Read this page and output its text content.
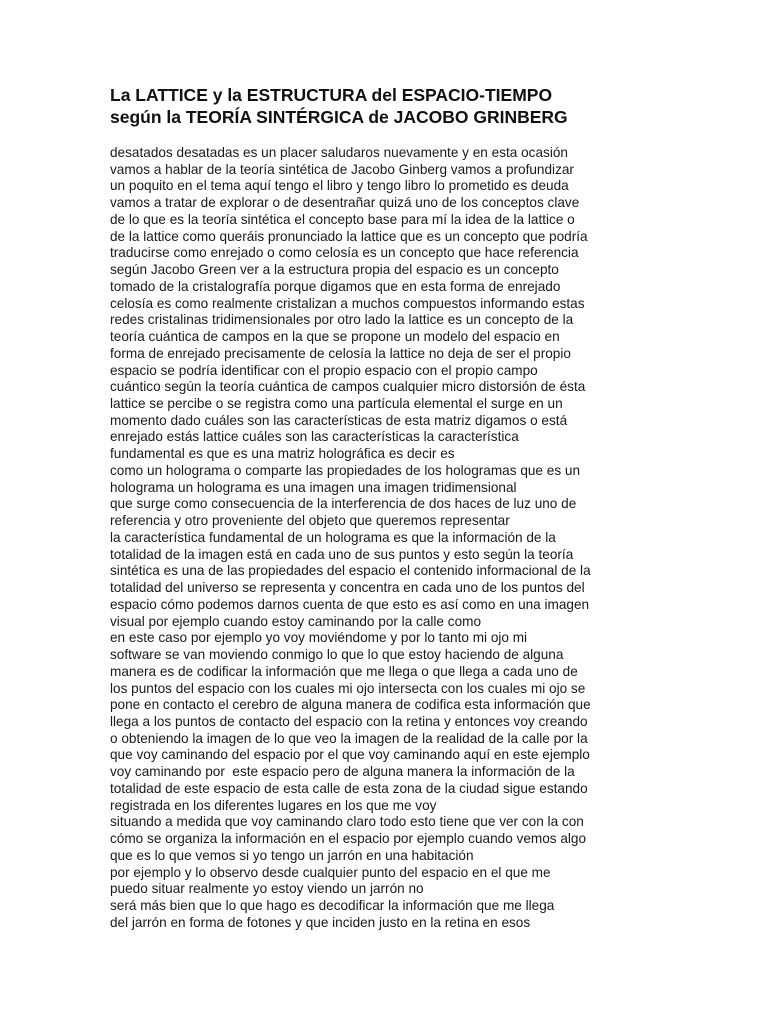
La LATTICE y la ESTRUCTURA del ESPACIO-TIEMPO
según la TEORÍA SINTÉRGICA de JACOBO GRINBERG
desatados desatadas es un placer saludaros nuevamente y en esta ocasión
vamos a hablar de la teoría sintética de Jacobo Ginberg vamos a profundizar
un poquito en el tema aquí tengo el libro y tengo libro lo prometido es deuda
vamos a tratar de explorar o de desentrañar quizá uno de los conceptos clave
de lo que es la teoría sintética el concepto base para mí la idea de la lattice o
de la lattice como queráis pronunciado la lattice que es un concepto que podría
traducirse como enrejado o como celosía es un concepto que hace referencia
según Jacobo Green ver a la estructura propia del espacio es un concepto
tomado de la cristalografía porque digamos que en esta forma de enrejado
celosía es como realmente cristalizan a muchos compuestos informando estas
redes cristalinas tridimensionales por otro lado la lattice es un concepto de la
teoría cuántica de campos en la que se propone un modelo del espacio en
forma de enrejado precisamente de celosía la lattice no deja de ser el propio
espacio se podría identificar con el propio espacio con el propio campo
cuántico según la teoría cuántica de campos cualquier micro distorsión de ésta
lattice se percibe o se registra como una partícula elemental el surge en un
momento dado cuáles son las características de esta matriz digamos o está
enrejado estás lattice cuáles son las características la característica
fundamental es que es una matriz holográfica es decir es
como un holograma o comparte las propiedades de los hologramas que es un
holograma un holograma es una imagen una imagen tridimensional
que surge como consecuencia de la interferencia de dos haces de luz uno de
referencia y otro proveniente del objeto que queremos representar
la característica fundamental de un holograma es que la información de la
totalidad de la imagen está en cada uno de sus puntos y esto según la teoría
sintética es una de las propiedades del espacio el contenido informacional de la
totalidad del universo se representa y concentra en cada uno de los puntos del
espacio cómo podemos darnos cuenta de que esto es así como en una imagen
visual por ejemplo cuando estoy caminando por la calle como
en este caso por ejemplo yo voy moviéndome y por lo tanto mi ojo mi
software se van moviendo conmigo lo que lo que estoy haciendo de alguna
manera es de codificar la información que me llega o que llega a cada uno de
los puntos del espacio con los cuales mi ojo intersecta con los cuales mi ojo se
pone en contacto el cerebro de alguna manera de codifica esta información que
llega a los puntos de contacto del espacio con la retina y entonces voy creando
o obteniendo la imagen de lo que veo la imagen de la realidad de la calle por la
que voy caminando del espacio por el que voy caminando aquí en este ejemplo
voy caminando por  este espacio pero de alguna manera la información de la
totalidad de este espacio de esta calle de esta zona de la ciudad sigue estando
registrada en los diferentes lugares en los que me voy
situando a medida que voy caminando claro todo esto tiene que ver con la con
cómo se organiza la información en el espacio por ejemplo cuando vemos algo
que es lo que vemos si yo tengo un jarrón en una habitación
por ejemplo y lo observo desde cualquier punto del espacio en el que me
puedo situar realmente yo estoy viendo un jarrón no
será más bien que lo que hago es decodificar la información que me llega
del jarrón en forma de fotones y que inciden justo en la retina en esos
